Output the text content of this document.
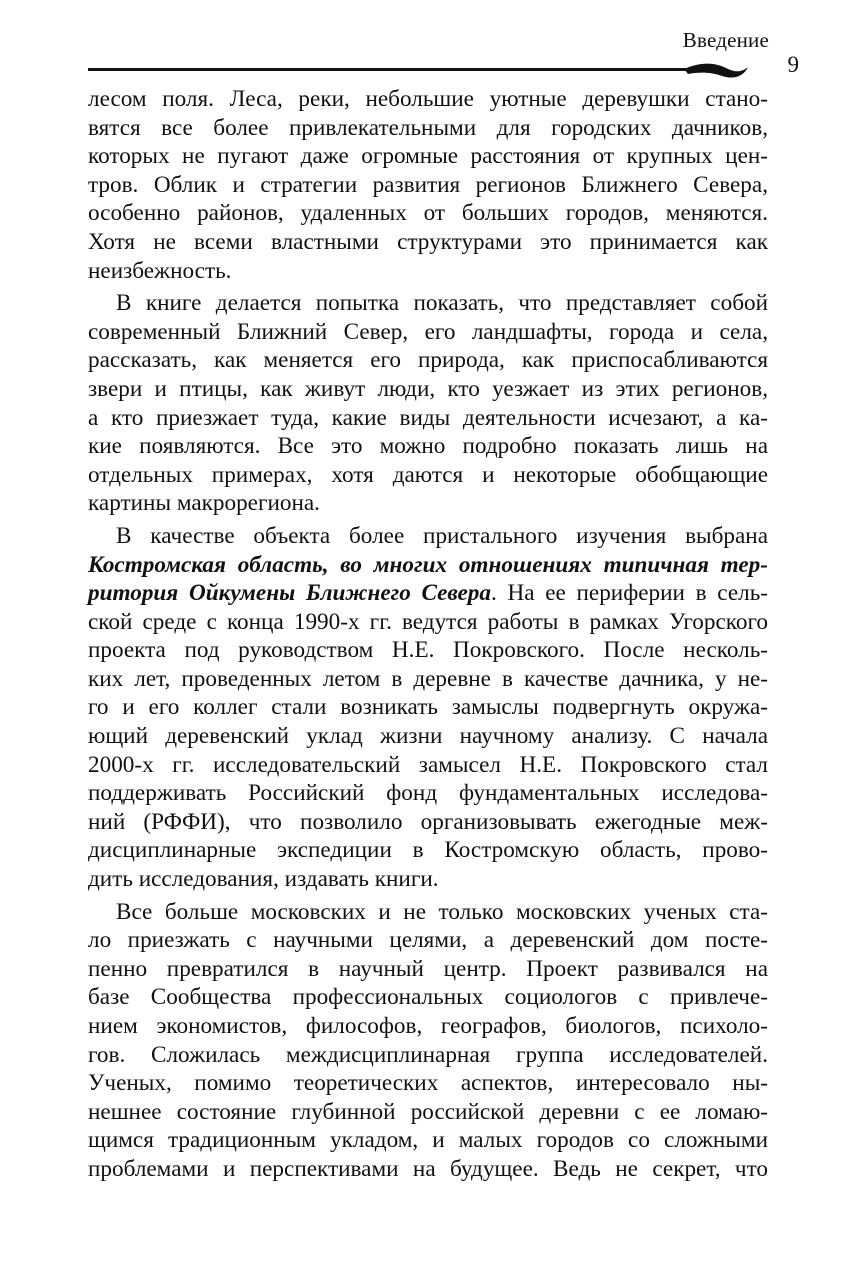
Введение
9
лесом поля. Леса, реки, небольшие уютные деревушки стано-
вятся все более привлекательными для городских дачников,
которых не пугают даже огромные расстояния от крупных цен-
тров. Облик и стратегии развития регионов Ближнего Севера,
особенно районов, удаленных от больших городов, меняются.
Хотя не всеми властными структурами это принимается как
неизбежность.
В книге делается попытка показать, что представляет собой
современный Ближний Север, его ландшафты, города и села,
рассказать, как меняется его природа, как приспосабливаются
звери и птицы, как живут люди, кто уезжает из этих регионов,
а кто приезжает туда, какие виды деятельности исчезают, а ка-
кие появляются. Все это можно подробно показать лишь на
отдельных примерах, хотя даются и некоторые обобщающие
картины макрорегиона.
В качестве объекта более пристального изучения выбрана
Костромская область, во многих отношениях типичная тер-
ритория Ойкумены Ближнего Севера. На ее периферии в сель-
ской среде с конца 1990-х гг. ведутся работы в рамках Угорского
проекта под руководством Н.Е. Покровского. После несколь-
ких лет, проведенных летом в деревне в качестве дачника, у не-
го и его коллег стали возникать замыслы подвергнуть окружа-
ющий деревенский уклад жизни научному анализу. С начала
2000-х гг. исследовательский замысел Н.Е. Покровского стал
поддерживать Российский фонд фундаментальных исследова-
ний (РФФИ), что позволило организовывать ежегодные меж-
дисциплинарные экспедиции в Костромскую область, прово-
дить исследования, издавать книги.
Все больше московских и не только московских ученых ста-
ло приезжать с научными целями, а деревенский дом посте-
пенно превратился в научный центр. Проект развивался на
базе Сообщества профессиональных социологов с привлече-
нием экономистов, философов, географов, биологов, психоло-
гов. Сложилась междисциплинарная группа исследователей.
Ученых, помимо теоретических аспектов, интересовало ны-
нешнее состояние глубинной российской деревни с ее ломаю-
щимся традиционным укладом, и малых городов со сложными
проблемами и перспективами на будущее. Ведь не секрет, что
